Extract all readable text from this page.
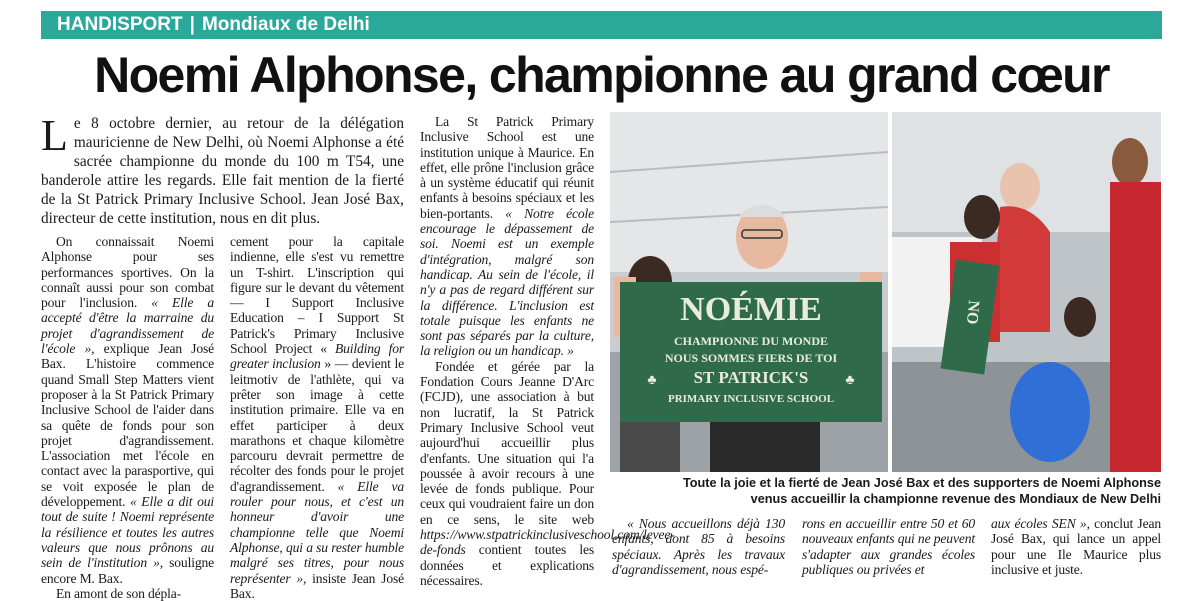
HANDISPORT | Mondiaux de Delhi
Noemi Alphonse, championne au grand cœur
Le 8 octobre dernier, au retour de la délégation mauricienne de New Delhi, où Noemi Alphonse a été sacrée championne du monde du 100 m T54, une banderole attire les regards. Elle fait mention de la fierté de la St Patrick Primary Inclusive School. Jean José Bax, directeur de cette institution, nous en dit plus.

On connaissait Noemi Alphonse pour ses performances sportives. On la connaît aussi pour son combat pour l'inclusion. « Elle a accepté d'être la marraine du projet d'agrandissement de l'école », explique Jean José Bax. L'histoire commence quand Small Step Matters vient proposer à la St Patrick Primary Inclusive School de l'aider dans sa quête de fonds pour son projet d'agrandissement. L'association met l'école en contact avec la parasportive, qui se voit exposée le plan de développement. « Elle a dit oui tout de suite ! Noemi représente la résilience et toutes les autres valeurs que nous prônons au sein de l'institution », souligne encore M. Bax.

En amont de son dépla-

cement pour la capitale indienne, elle s'est vu remettre un T-shirt. L'inscription qui figure sur le devant du vêtement — I Support Inclusive Education – I Support St Patrick's Primary Inclusive School Project « Building for greater inclusion » — devient le leitmotiv de l'athlète, qui va prêter son image à cette institution primaire. Elle va en effet participer à deux marathons et chaque kilomètre parcouru devrait permettre de récolter des fonds pour le projet d'agrandissement. « Elle va rouler pour nous, et c'est un honneur d'avoir une championne telle que Noemi Alphonse, qui a su rester humble malgré ses titres, pour nous représenter », insiste Jean José Bax.

La St Patrick Primary Inclusive School est une institution unique à Maurice. En effet, elle prône l'inclusion grâce à un système éducatif qui réunit enfants à besoins spéciaux et les bien-portants. « Notre école encourage le dépassement de soi. Noemi est un exemple d'intégration, malgré son handicap. Au sein de l'école, il n'y a pas de regard différent sur la différence. L'inclusion est totale puisque les enfants ne sont pas séparés par la culture, la religion ou un handicap. »

Fondée et gérée par la Fondation Cours Jeanne D'Arc (FCJD), une association à but non lucratif, la St Patrick Primary Inclusive School veut aujourd'hui accueillir plus d'enfants. Une situation qui l'a poussée à avoir recours à une levée de fonds publique. Pour ceux qui voudraient faire un don en ce sens, le site web https://www.stpatrickinclusiveschool.com/levee-de-fonds contient toutes les données et explications nécessaires.

NOÉMIE
CHAMPIONNE DU MONDE
NOUS SOMMES FIERS DE TOI
ST PATRICK'S
PRIMARY INCLUSIVE SCHOOL
♣	♣
NO
Toute la joie et la fierté de Jean José Bax et des supporters de Noemi Alphonse
venus accueillir la championne revenue des Mondiaux de New Delhi

« Nous accueillons déjà 130 enfants, dont 85 à besoins spéciaux. Après les travaux d'agrandissement, nous espé-

rons en accueillir entre 50 et 60 nouveaux enfants qui ne peuvent s'adapter aux grandes écoles publiques ou privées et

aux écoles SEN », conclut Jean José Bax, qui lance un appel pour une Ile Maurice plus inclusive et juste.
